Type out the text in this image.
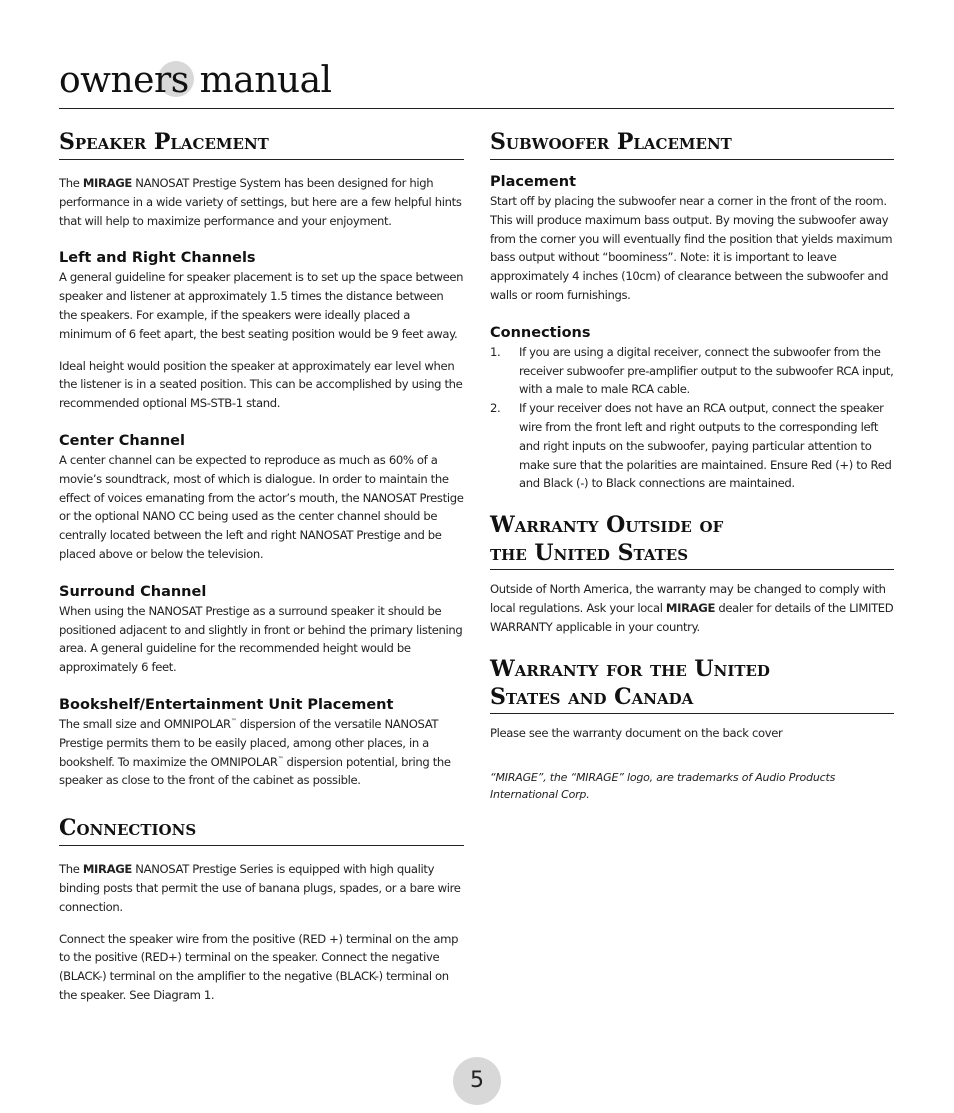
owners manual
Speaker Placement

The MIRAGE NANOSAT Prestige System has been designed for high performance in a wide variety of settings, but here are a few helpful hints that will help to maximize performance and your enjoyment.

Left and Right Channels

A general guideline for speaker placement is to set up the space between speaker and listener at approximately 1.5 times the distance between the speakers. For example, if the speakers were ideally placed a minimum of 6 feet apart, the best seating position would be 9 feet away.

Ideal height would position the speaker at approximately ear level when the listener is in a seated position. This can be accomplished by using the recommended optional MS-STB-1 stand.

Center Channel

A center channel can be expected to reproduce as much as 60% of a movie’s soundtrack, most of which is dialogue. In order to maintain the effect of voices emanating from the actor’s mouth, the NANOSAT Prestige or the optional NANO CC being used as the center channel should be centrally located between the left and right NANOSAT Prestige and be placed above or below the television.

Surround Channel

When using the NANOSAT Prestige as a surround speaker it should be positioned adjacent to and slightly in front or behind the primary listening area. A general guideline for the recommended height would be approximately 6 feet.

Bookshelf/Entertainment Unit Placement

The small size and OMNIPOLAR™ dispersion of the versatile NANOSAT Prestige permits them to be easily placed, among other places, in a bookshelf. To maximize the OMNIPOLAR™ dispersion potential, bring the speaker as close to the front of the cabinet as possible.

Connections

The MIRAGE NANOSAT Prestige Series is equipped with high quality binding posts that permit the use of banana plugs, spades, or a bare wire connection.

Connect the speaker wire from the positive (RED +) terminal on the amp to the positive (RED+) terminal on the speaker. Connect the negative (BLACK-) terminal on the amplifier to the negative (BLACK-) terminal on the speaker. See Diagram 1.

Subwoofer Placement
Placement

Start off by placing the subwoofer near a corner in the front of the room. This will produce maximum bass output. By moving the subwoofer away from the corner you will eventually find the position that yields maximum bass output without “boominess”. Note: it is important to leave approximately 4 inches (10cm) of clearance between the subwoofer and walls or room furnishings.

Connections
1. If you are using a digital receiver, connect the subwoofer from the receiver subwoofer pre-amplifier output to the subwoofer RCA input, with a male to male RCA cable.
2. If your receiver does not have an RCA output, connect the speaker wire from the front left and right outputs to the corresponding left and right inputs on the subwoofer, paying particular attention to make sure that the polarities are maintained. Ensure Red (+) to Red and Black (-) to Black connections are maintained.
Warranty Outside of
the United States

Outside of North America, the warranty may be changed to comply with local regulations. Ask your local MIRAGE dealer for details of the LIMITED WARRANTY applicable in your country.

Warranty for the United
States and Canada

Please see the warranty document on the back cover

“MIRAGE”, the “MIRAGE” logo, are trademarks of Audio Products International Corp.

5
